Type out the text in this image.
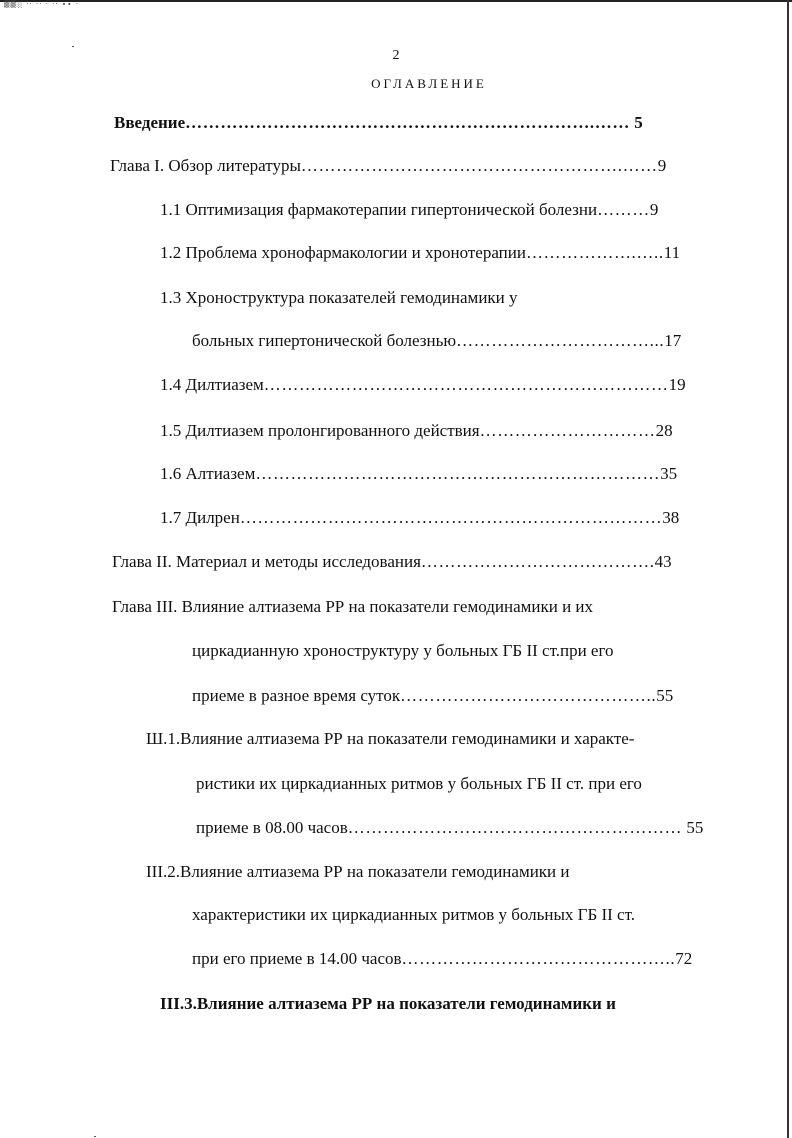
▒▒░ ·· ·· · ·· ∙∙ ·
2
ОГЛАВЛЕНИЕ
Введение…………………………………………………………….…… 5
Глава I. Обзор литературы……………………………………………….……9
1.1 Оптимизация фармакотерапии гипертонической болезни………9
1.2 Проблема хронофармакологии и хронотерапии……………….…..11
1.3 Хроноструктура показателей гемодинамики у
больных гипертонической болезнью……………………………...17
1.4 Дилтиазем……………………………………………………………19
1.5 Дилтиазем пролонгированного действия…………………………28
1.6 Алтиазем……………………………………………………………35
1.7 Дилрен………………………………………………………………38
Глава II. Материал и методы исследования………………………………….43
Глава III. Влияние алтиазема РР на показатели гемодинамики и их
циркадианную хроноструктуру у больных ГБ II ст.при его
приеме в разное время суток……………………………………..55
Ш.1.Влияние алтиазема РР на показатели гемодинамики и характе-
ристики их циркадианных ритмов у больных ГБ II ст. при его
приеме в 08.00 часов………………………………………………… 55
III.2.Влияние алтиазема РР на показатели гемодинамики и
характеристики их циркадианных ритмов у больных ГБ II ст.
при его приеме в 14.00 часов………………………………………..72
III.3.Влияние алтиазема РР на показатели гемодинамики и
